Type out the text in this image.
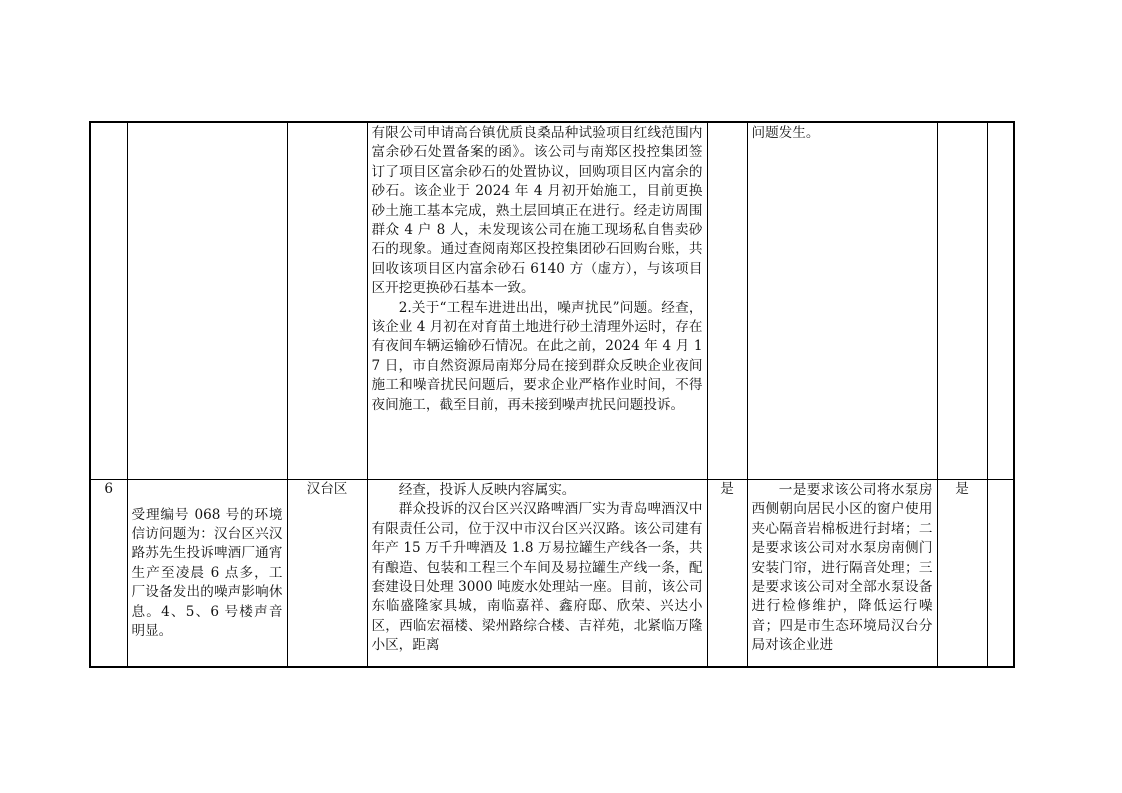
			有限公司申请高台镇优质良桑品种试验项目红线范围内富余砂石处置备案的函》。该公司与南郑区投控集团签订了项目区富余砂石的处置协议，回购项目区内富余的砂石。该企业于 2024 年 4 月初开始施工，目前更换砂土施工基本完成，熟土层回填正在进行。经走访周围群众 4 户 8 人，未发现该公司在施工现场私自售卖砂石的现象。通过查阅南郑区投控集团砂石回购台账，共回收该项目区内富余砂石 6140 方（虚方），与该项目区开挖更换砂石基本一致。

2.关于“工程车进进出出，噪声扰民”问题。经查，该企业 4 月初在对育苗土地进行砂土清理外运时，存在有夜间车辆运输砂石情况。在此之前，2024 年 4 月 17 日，市自然资源局南郑分局在接到群众反映企业夜间施工和噪音扰民问题后，要求企业严格作业时间，不得夜间施工，截至目前，再未接到噪声扰民问题投诉。		问题发生。		

6	受理编号 068 号的环境信访问题为：汉台区兴汉路苏先生投诉啤酒厂通宵生产至凌晨 6 点多，工厂设备发出的噪声影响休息。4、5、6 号楼声音明显。	汉台区	经查，投诉人反映内容属实。

群众投诉的汉台区兴汉路啤酒厂实为青岛啤酒汉中有限责任公司，位于汉中市汉台区兴汉路。该公司建有年产 15 万千升啤酒及 1.8 万易拉罐生产线各一条，共有酿造、包装和工程三个车间及易拉罐生产线一条，配套建设日处理 3000 吨废水处理站一座。目前，该公司东临盛隆家具城，南临嘉祥、鑫府邸、欣荣、兴达小区，西临宏福楼、梁州路综合楼、吉祥苑，北紧临万隆小区，距离	是	一是要求该公司将水泵房西侧朝向居民小区的窗户使用夹心隔音岩棉板进行封堵；二是要求该公司对水泵房南侧门安装门帘，进行隔音处理；三是要求该公司对全部水泵设备进行检修维护，降低运行噪音；四是市生态环境局汉台分局对该企业进	是	
